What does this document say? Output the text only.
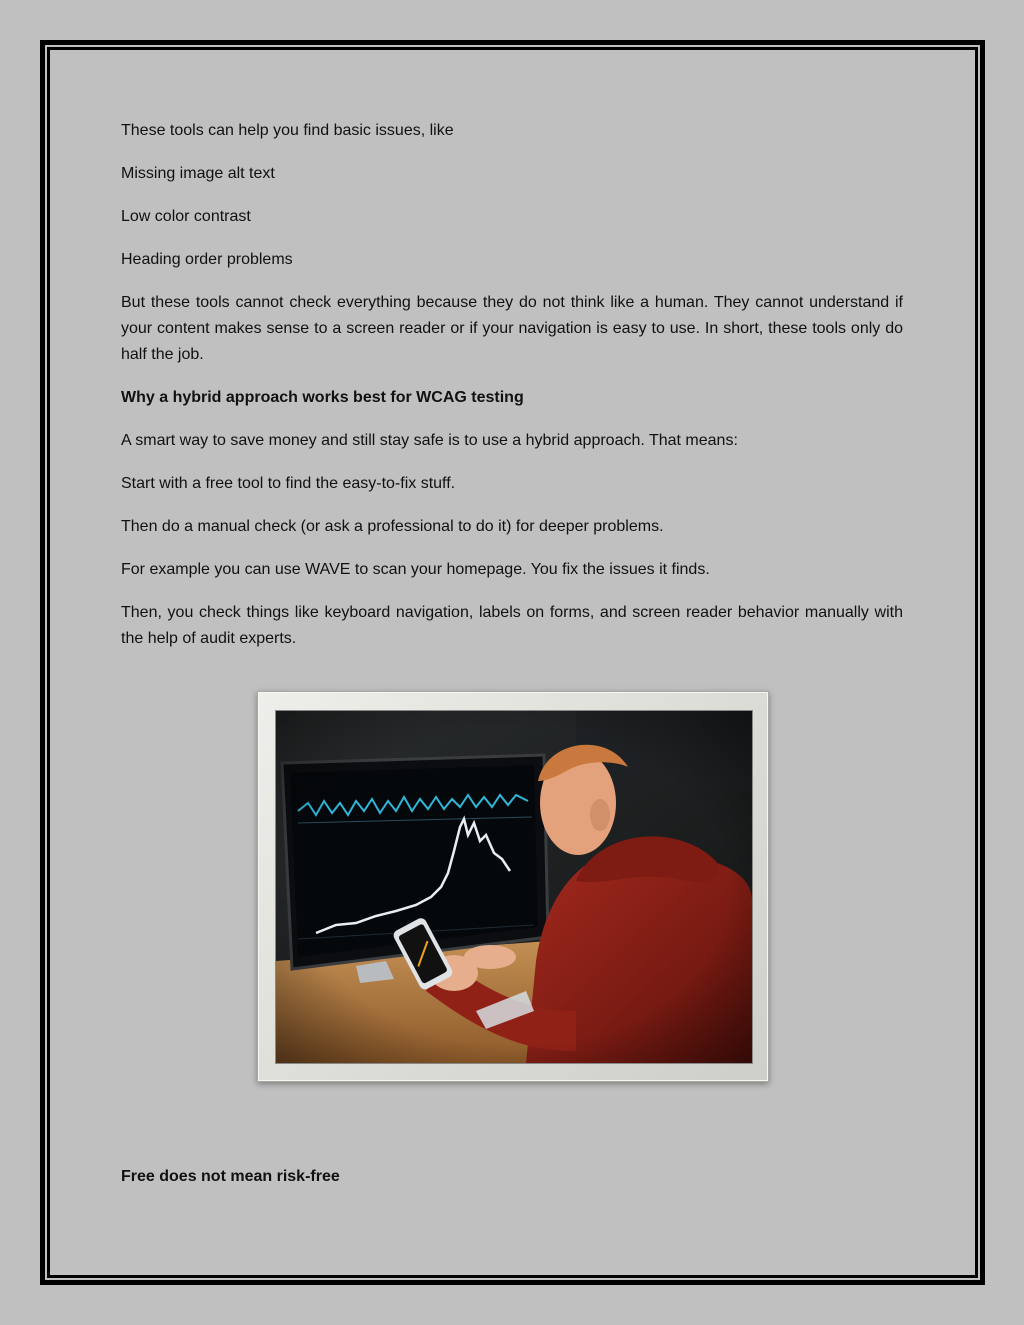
These tools can help you find basic issues, like

Missing image alt text

Low color contrast

Heading order problems

But these tools cannot check everything because they do not think like a human. They cannot understand if your content makes sense to a screen reader or if your navigation is easy to use. In short, these tools only do half the job.

Why a hybrid approach works best for WCAG testing

A smart way to save money and still stay safe is to use a hybrid approach. That means:

Start with a free tool to find the easy-to-fix stuff.

Then do a manual check (or ask a professional to do it) for deeper problems.

For example you can use WAVE to scan your homepage. You fix the issues it finds.

Then, you check things like keyboard navigation, labels on forms, and screen reader behavior manually with the help of audit experts.

Free does not mean risk-free
